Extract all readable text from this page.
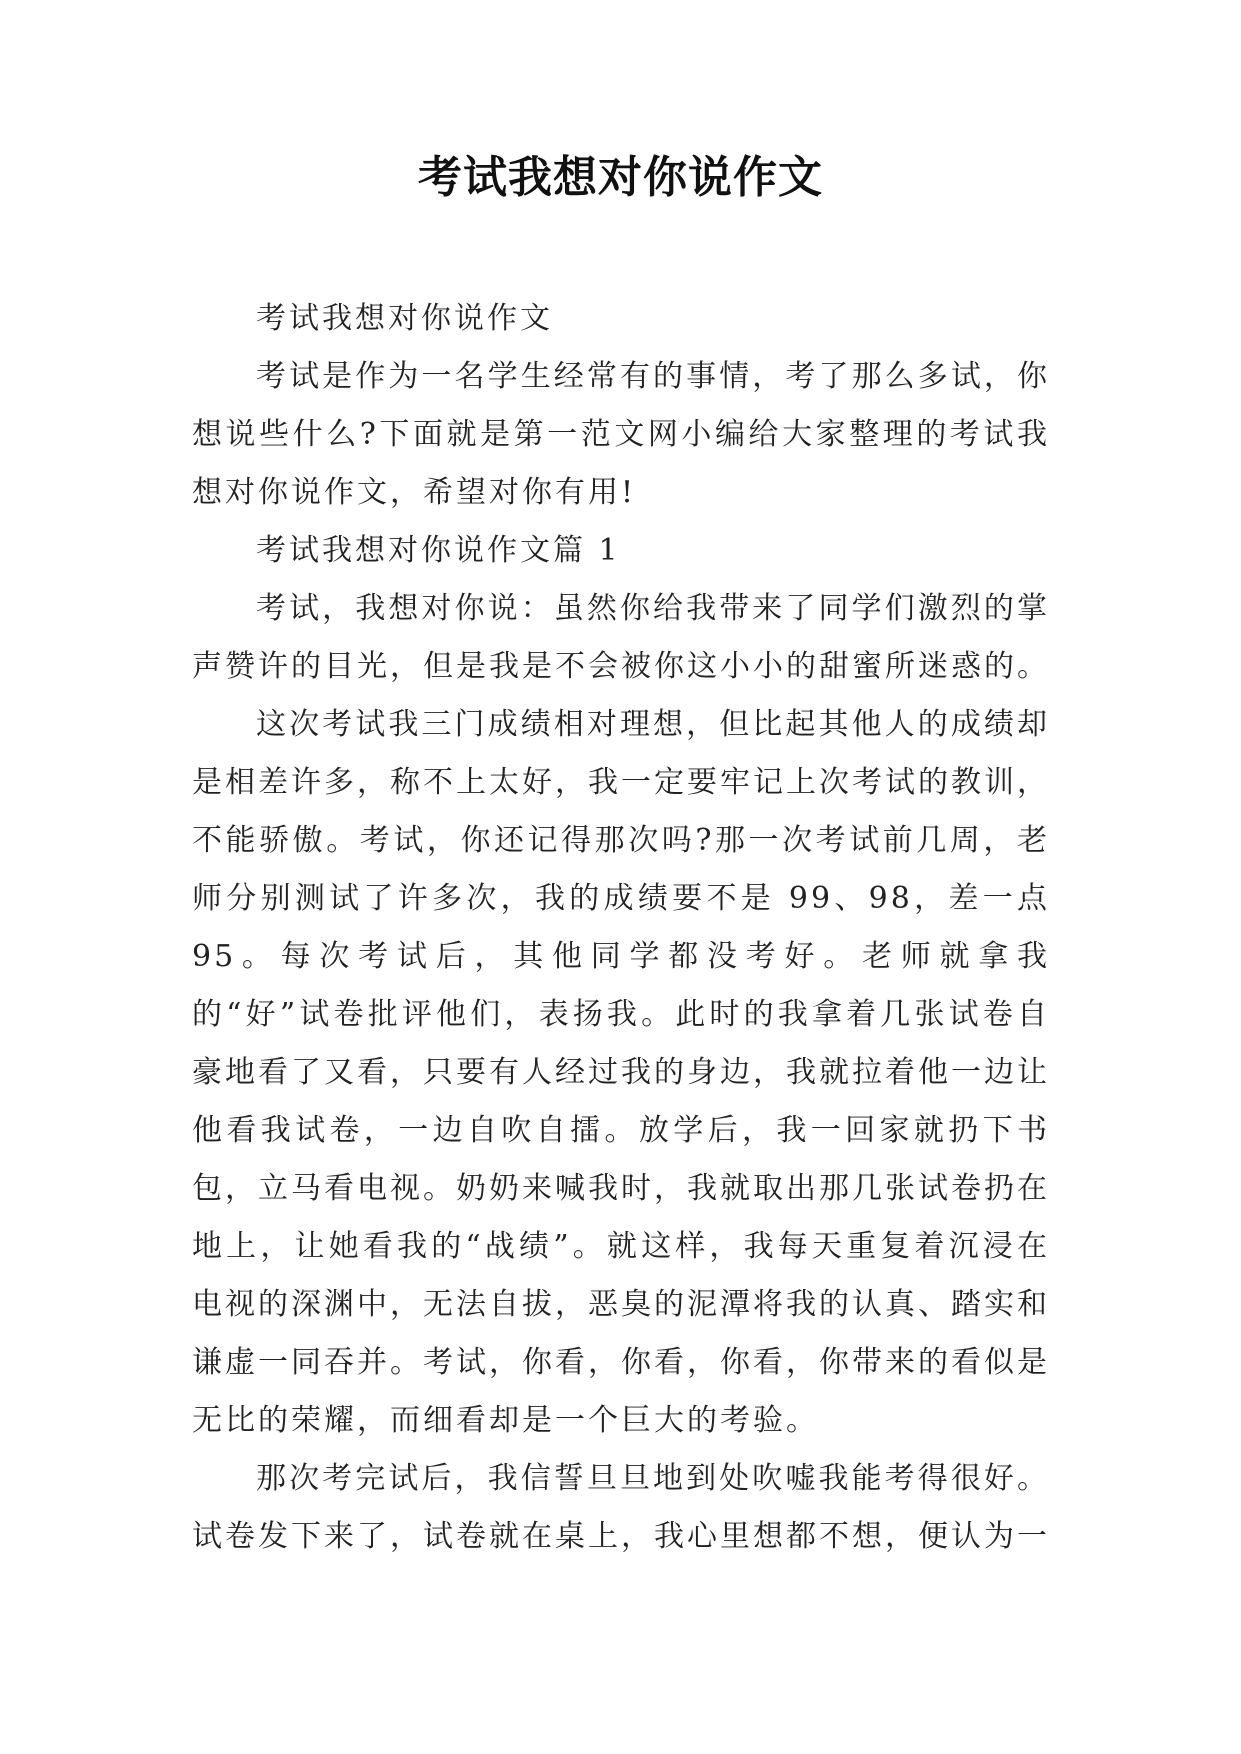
考试我想对你说作文

考试我想对你说作文

考试是作为一名学生经常有的事情，考了那么多试，你想说些什么?下面就是第一范文网小编给大家整理的考试我想对你说作文，希望对你有用!

考试我想对你说作文篇 1

考试，我想对你说：虽然你给我带来了同学们激烈的掌声赞许的目光，但是我是不会被你这小小的甜蜜所迷惑的。

这次考试我三门成绩相对理想，但比起其他人的成绩却是相差许多，称不上太好，我一定要牢记上次考试的教训，不能骄傲。考试，你还记得那次吗?那一次考试前几周，老师分别测试了许多次，我的成绩要不是 99、98，差一点 95。每次考试后，其他同学都没考好。老师就拿我的“好”试卷批评他们，表扬我。此时的我拿着几张试卷自豪地看了又看，只要有人经过我的身边，我就拉着他一边让他看我试卷，一边自吹自擂。放学后，我一回家就扔下书包，立马看电视。奶奶来喊我时，我就取出那几张试卷扔在地上，让她看我的“战绩”。就这样，我每天重复着沉浸在电视的深渊中，无法自拔，恶臭的泥潭将我的认真、踏实和谦虚一同吞并。考试，你看，你看，你看，你带来的看似是无比的荣耀，而细看却是一个巨大的考验。

那次考完试后，我信誓旦旦地到处吹嘘我能考得很好。试卷发下来了，试卷就在桌上，我心里想都不想，便认为一
